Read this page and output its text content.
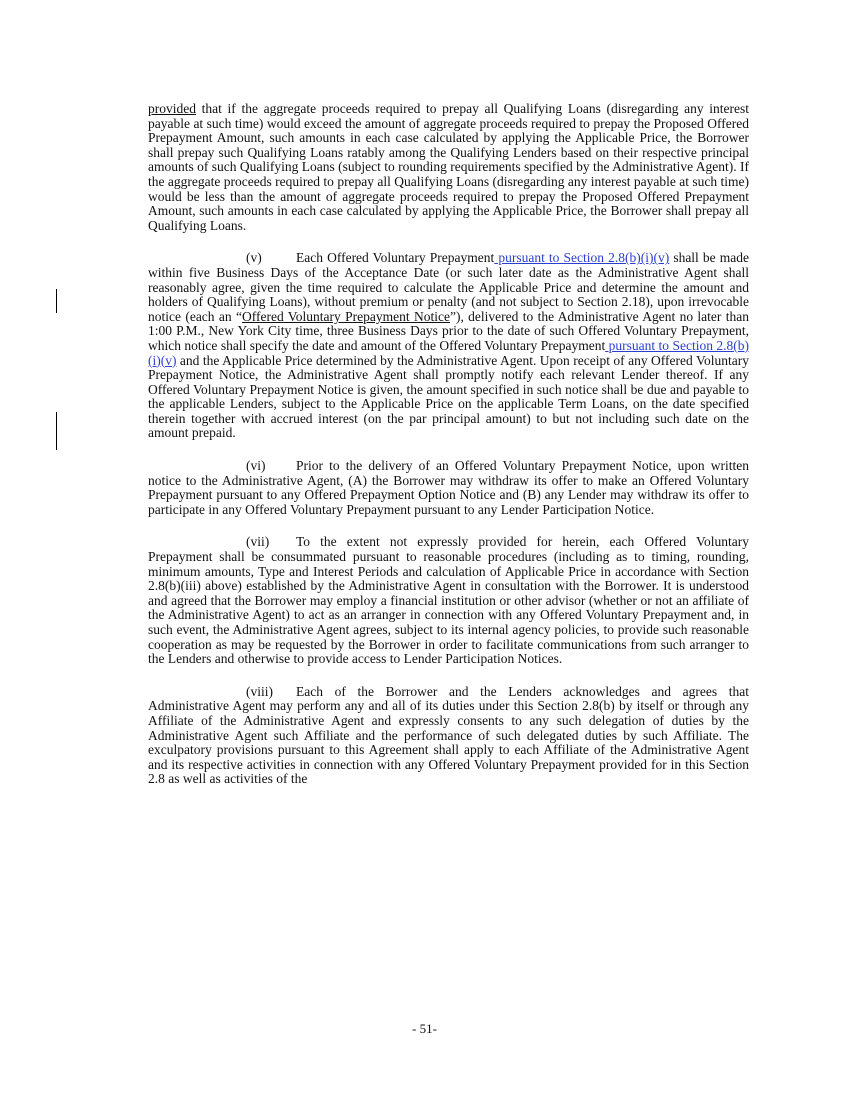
provided that if the aggregate proceeds required to prepay all Qualifying Loans (disregarding any interest payable at such time) would exceed the amount of aggregate proceeds required to prepay the Proposed Offered Prepayment Amount, such amounts in each case calculated by applying the Applicable Price, the Borrower shall prepay such Qualifying Loans ratably among the Qualifying Lenders based on their respective principal amounts of such Qualifying Loans (subject to rounding requirements specified by the Administrative Agent). If the aggregate proceeds required to prepay all Qualifying Loans (disregarding any interest payable at such time) would be less than the amount of aggregate proceeds required to prepay the Proposed Offered Prepayment Amount, such amounts in each case calculated by applying the Applicable Price, the Borrower shall prepay all Qualifying Loans.

(v)	Each Offered Voluntary Prepayment pursuant to Section 2.8(b)(i)(v) shall be made within five Business Days of the Acceptance Date (or such later date as the Administrative Agent shall reasonably agree, given the time required to calculate the Applicable Price and determine the amount and holders of Qualifying Loans), without premium or penalty (and not subject to Section 2.18), upon irrevocable notice (each an “Offered Voluntary Prepayment Notice”), delivered to the Administrative Agent no later than 1:00 P.M., New York City time, three Business Days prior to the date of such Offered Voluntary Prepayment, which notice shall specify the date and amount of the Offered Voluntary Prepayment pursuant to Section 2.8(b)(i)(v) and the Applicable Price determined by the Administrative Agent. Upon receipt of any Offered Voluntary Prepayment Notice, the Administrative Agent shall promptly notify each relevant Lender thereof. If any Offered Voluntary Prepayment Notice is given, the amount specified in such notice shall be due and payable to the applicable Lenders, subject to the Applicable Price on the applicable Term Loans, on the date specified therein together with accrued interest (on the par principal amount) to but not including such date on the amount prepaid.

(vi) Prior to the delivery of an Offered Voluntary Prepayment Notice, upon written notice to the Administrative Agent, (A) the Borrower may withdraw its offer to make an Offered Voluntary Prepayment pursuant to any Offered Prepayment Option Notice and (B) any Lender may withdraw its offer to participate in any Offered Voluntary Prepayment pursuant to any Lender Participation Notice.

(vii) To the extent not expressly provided for herein, each Offered Voluntary Prepayment shall be consummated pursuant to reasonable procedures (including as to timing, rounding, minimum amounts, Type and Interest Periods and calculation of Applicable Price in accordance with Section 2.8(b)(iii) above) established by the Administrative Agent in consultation with the Borrower. It is understood and agreed that the Borrower may employ a financial institution or other advisor (whether or not an affiliate of the Administrative Agent) to act as an arranger in connection with any Offered Voluntary Prepayment and, in such event, the Administrative Agent agrees, subject to its internal agency policies, to provide such reasonable cooperation as may be requested by the Borrower in order to facilitate communications from such arranger to the Lenders and otherwise to provide access to Lender Participation Notices.

(viii) Each of the Borrower and the Lenders acknowledges and agrees that Administrative Agent may perform any and all of its duties under this Section 2.8(b) by itself or through any Affiliate of the Administrative Agent and expressly consents to any such delegation of duties by the Administrative Agent such Affiliate and the performance of such delegated duties by such Affiliate. The exculpatory provisions pursuant to this Agreement shall apply to each Affiliate of the Administrative Agent and its respective activities in connection with any Offered Voluntary Prepayment provided for in this Section 2.8 as well as activities of the

- 51-
